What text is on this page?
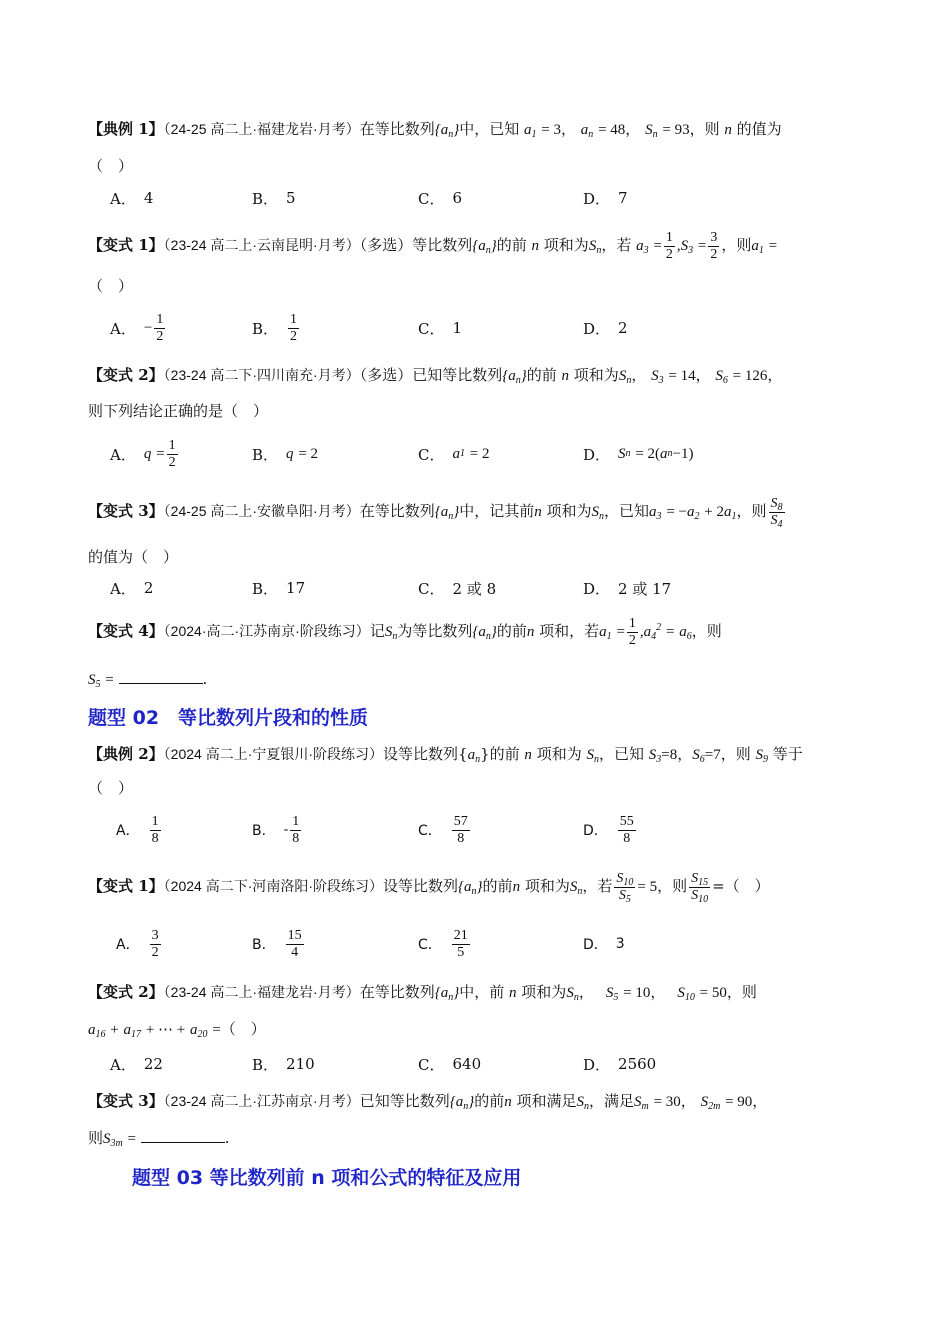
【典例 1】（24-25 高二上·福建龙岩·月考）在等比数列$\{a_n\}$中，已知 $a_1 = 3$， $a_n = 48$， $S_n = 93$，则 n 的值为
（　）
A． 4	B． 5	C． 6	D． 7
【变式 1】（23-24 高二上·云南昆明·月考）（多选）等比数列$\{a_n\}$的前 n 项和为$S_n$，若 $a_3 = \frac{1}{2} ,S_3 = \frac{3}{2}$ ，则$a_1$ =
（　）
A． − $\frac{1}{2}$	B． $\frac{1}{2}$	C． 1	D． 2
【变式 2】（23-24 高二下·四川南充·月考）（多选）已知等比数列$\{a_n\}$的前 n 项和为$S_n$， $S_3 = 14$， $S_6 = 126$，
则下列结论正确的是（　）
A． q
= $\frac{1}{2}$	B． q
= 2	C． a 1
= 2	D． S n
= 2( a n −1)
【变式 3】（24-25 高二上·安徽阜阳·月考）在等比数列$\{a_n\}$中，记其前n 项和为$S_n$，已知$a_3 = -a_2 + 2a_1$，则 $\frac{S_8}{S_4}$
的值为（　）
A． 2	B． 17	C． 2 或 8	D． 2 或 17
【变式 4】（2024·高二·江苏南京·阶段练习）记$S_n$为等比数列$\{a_n\}$的前n 项和，若$a_1 = \frac{1}{2} ,a_4^2 = a_6$，则
$S_5$ =	.
题型 02　等比数列片段和的性质
【典例 2】（2024 高二上·宁夏银川·阶段练习）设等比数列$\{a_n\}$的前 n 项和为 $S_n$，已知 $S_3=8$，$S_6=7$，则 $S_9$ 等于
（　）
A． $\frac{1}{8}$	B． - $\frac{1}{8}$	C． $\frac{57}{8}$	D． $\frac{55}{8}$
【变式 1】（2024 高二下·河南洛阳·阶段练习）设等比数列$\{a_n\}$的前n 项和为$S_n$，若 $\frac{S_{10}}{S_5} = 5$，则 $\frac{S_{15}}{S_{10}}$ =（　）
A． $\frac{3}{2}$	B． $\frac{15}{4}$	C． $\frac{21}{5}$	D． 3
【变式 2】（23-24 高二上·福建龙岩·月考）在等比数列$\{a_n\}$中，前 n 项和为$S_n$， $S_5 = 10$， $S_{10} = 50$，则
$a_{16} + a_{17}$ + ⋯ + $a_{20}$ =（　）
A． 22	B． 210	C． 640	D． 2560
【变式 3】（23-24 高二上·江苏南京·月考）已知等比数列$\{a_n\}$的前n 项和满足$S_n$，满足$S_m = 30$， $S_{2m} = 90$，
则$S_{3m}$ =	.
题型 03 等比数列前 n 项和公式的特征及应用
